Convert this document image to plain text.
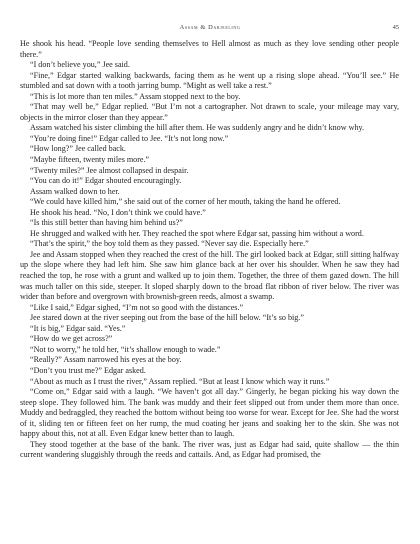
Assam & Darjeeling	45

He shook his head. “People love sending themselves to Hell almost as much as they love sending other people there.”

“I don’t believe you,” Jee said.

“Fine,” Edgar started walking backwards, facing them as he went up a rising slope ahead. “You’ll see.” He stumbled and sat down with a tooth jarring bump. “Might as well take a rest.”

“This is lot more than ten miles.” Assam stopped next to the boy.

“That may well be,” Edgar replied. “But I’m not a cartographer. Not drawn to scale, your mileage may vary, objects in the mirror closer than they appear.”

Assam watched his sister climbing the hill after them. He was suddenly angry and he didn’t know why.

“You’re doing fine!” Edgar called to Jee. “It’s not long now.”

“How long?” Jee called back.

“Maybe fifteen, twenty miles more.”

“Twenty miles?” Jee almost collapsed in despair.

“You can do it!” Edgar shouted encouragingly.

Assam walked down to her.

“We could have killed him,” she said out of the corner of her mouth, taking the hand he offered.

He shook his head. “No, I don’t think we could have.”

“Is this still better than having him behind us?”

He shrugged and walked with her. They reached the spot where Edgar sat, passing him without a word.

“That’s the spirit,” the boy told them as they passed. “Never say die. Especially here.”

Jee and Assam stopped when they reached the crest of the hill. The girl looked back at Edgar, still sitting halfway up the slope where they had left him. She saw him glance back at her over his shoulder. When he saw they had reached the top, he rose with a grunt and walked up to join them. Together, the three of them gazed down. The hill was much taller on this side, steeper. It sloped sharply down to the broad flat ribbon of river below. The river was wider than before and overgrown with brownish-green reeds, almost a swamp.

“Like I said,” Edgar sighed, “I’m not so good with the distances.”

Jee stared down at the river seeping out from the base of the hill below. “It’s so big.”

“It is big,” Edgar said. “Yes.”

“How do we get across?”

“Not to worry,” he told her, “it’s shallow enough to wade.”

“Really?” Assam narrowed his eyes at the boy.

“Don’t you trust me?” Edgar asked.

“About as much as I trust the river,” Assam replied. “But at least I know which way it runs.”

“Come on,” Edgar said with a laugh. “We haven’t got all day.” Gingerly, he began picking his way down the steep slope. They followed him. The bank was muddy and their feet slipped out from under them more than once. Muddy and bedraggled, they reached the bottom without being too worse for wear. Except for Jee. She had the worst of it, sliding ten or fifteen feet on her rump, the mud coating her jeans and soaking her to the skin. She was not happy about this, not at all. Even Edgar knew better than to laugh.

They stood together at the base of the bank. The river was, just as Edgar had said, quite shallow — the thin current wandering sluggishly through the reeds and cattails. And, as Edgar had promised, the
